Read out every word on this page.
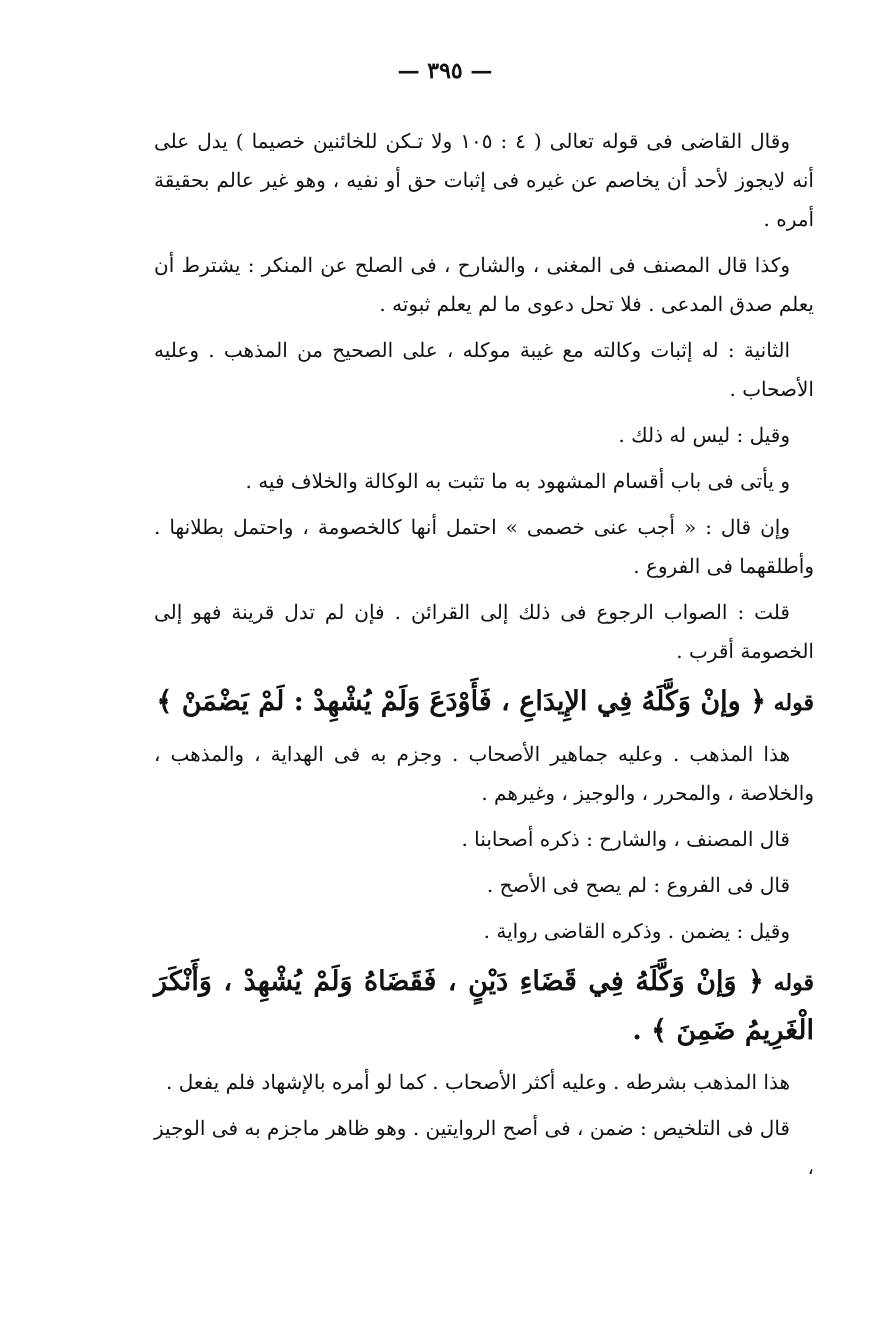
— ٣٩٥ —

وقال القاضى فى قوله تعالى ( ٤ : ١٠٥ ولا تـكن للخائنين خصيما ) يدل على أنه لايجوز لأحد أن يخاصم عن غيره فى إثبات حق أو نفيه ، وهو غير عالم بحقيقة أمره .

وكذا قال المصنف فى المغنى ، والشارح ، فى الصلح عن المنكر : يشترط أن يعلم صدق المدعى . فلا تحل دعوى ما لم يعلم ثبوته .

الثانية : له إثبات وكالته مع غيبة موكله ، على الصحيح من المذهب . وعليه الأصحاب .

وقيل : ليس له ذلك .

و يأتى فى باب أقسام المشهود به ما تثبت به الوكالة والخلاف فيه .

وإن قال : « أجب عنى خصمى » احتمل أنها كالخصومة ، واحتمل بطلانها . وأطلقهما فى الفروع .

قلت : الصواب الرجوع فى ذلك إلى القرائن . فإن لم تدل قرينة فهو إلى الخصومة أقرب .

قوله﴿ وإنْ وَكَّلَهُ فِي الإِيدَاعِ ، فَأَوْدَعَ وَلَمْ يُشْهِدْ : لَمْ يَضْمَنْ ﴾

هذا المذهب . وعليه جماهير الأصحاب . وجزم به فى الهداية ، والمذهب ، والخلاصة ، والمحرر ، والوجيز ، وغيرهم .

قال المصنف ، والشارح : ذكره أصحابنا .

قال فى الفروع : لم يصح فى الأصح .

وقيل : يضمن . وذكره القاضى رواية .

قوله﴿ وَإنْ وَكَّلَهُ فِي قَضَاءِ دَيْنٍ ، فَقَضَاهُ وَلَمْ يُشْهِدْ ، وَأَنْكَرَ الْغَرِيمُ ضَمِنَ ﴾ .

هذا المذهب بشرطه . وعليه أكثر الأصحاب . كما لو أمره بالإشهاد فلم يفعل .

قال فى التلخيص : ضمن ، فى أصح الروايتين . وهو ظاهر ماجزم به فى الوجيز ،
